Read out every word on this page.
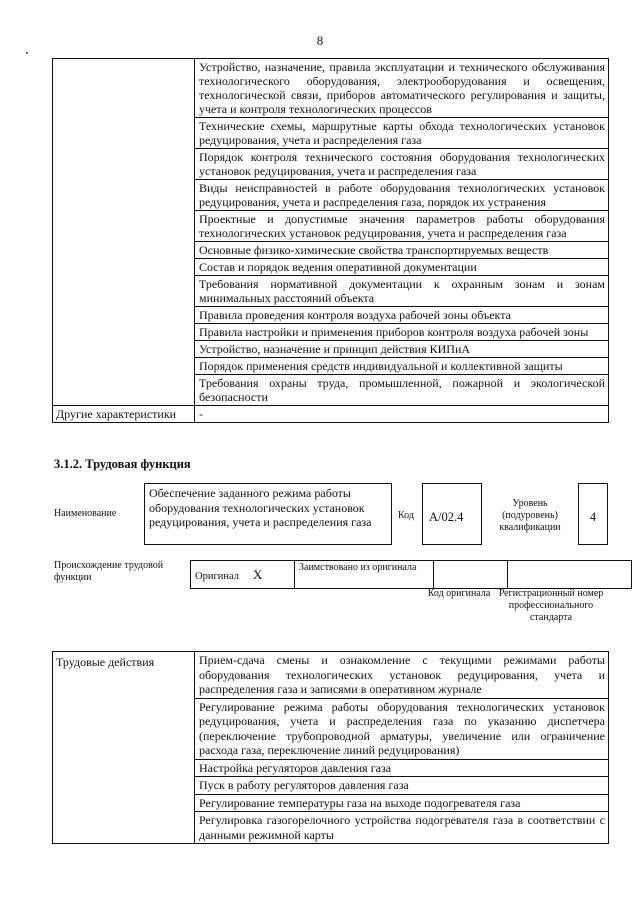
8
	Устройство, назначение, правила эксплуатации и технического обслуживания технологического оборудования, электрооборудования и освещения, технологической связи, приборов автоматического регулирования и защиты, учета и контроля технологических процессов
	Технические схемы, маршрутные карты обхода технологических установок редуцирования, учета и распределения газа
	Порядок контроля технического состояния оборудования технологических установок редуцирования, учета и распределения газа
	Виды неисправностей в работе оборудования технологических установок редуцирования, учета и распределения газа, порядок их устранения
	Проектные и допустимые значения параметров работы оборудования технологических установок редуцирования, учета и распределения газа
	Основные физико-химические свойства транспортируемых веществ
	Состав и порядок ведения оперативной документации
	Требования нормативной документации к охранным зонам и зонам минимальных расстояний объекта
	Правила проведения контроля воздуха рабочей зоны объекта
	Правила настройки и применения приборов контроля воздуха рабочей зоны
	Устройство, назначение и принцип действия КИПиА
	Порядок применения средств индивидуальной и коллективной защиты
	Требования охраны труда, промышленной, пожарной и экологической безопасности
Другие характеристики	-
3.1.2. Трудовая функция
Наименование
Обеспечение заданного режима работы оборудования технологических установок редуцирования, учета и распределения газа	Код	А/02.4
Уровень (подуровень) квалификации
4
Происхождение трудовой функции	Оригинал X	Заимствовано из оригинала		
Код оригинала Регистрационный номер профессионального стандарта
Трудовые действия	Прием-сдача смены и ознакомление с текущими режимами работы оборудования технологических установок редуцирования, учета и распределения газа и записями в оперативном журнале
Регулирование режима работы оборудования технологических установок редуцирования, учета и распределения газа по указанию диспетчера (переключение трубопроводной арматуры, увеличение или ограничение расхода газа, переключение линий редуцирования)
Настройка регуляторов давления газа
Пуск в работу регуляторов давления газа
Регулирование температуры газа на выходе подогревателя газа
Регулировка газогорелочного устройства подогревателя газа в соответствии с данными режимной карты
